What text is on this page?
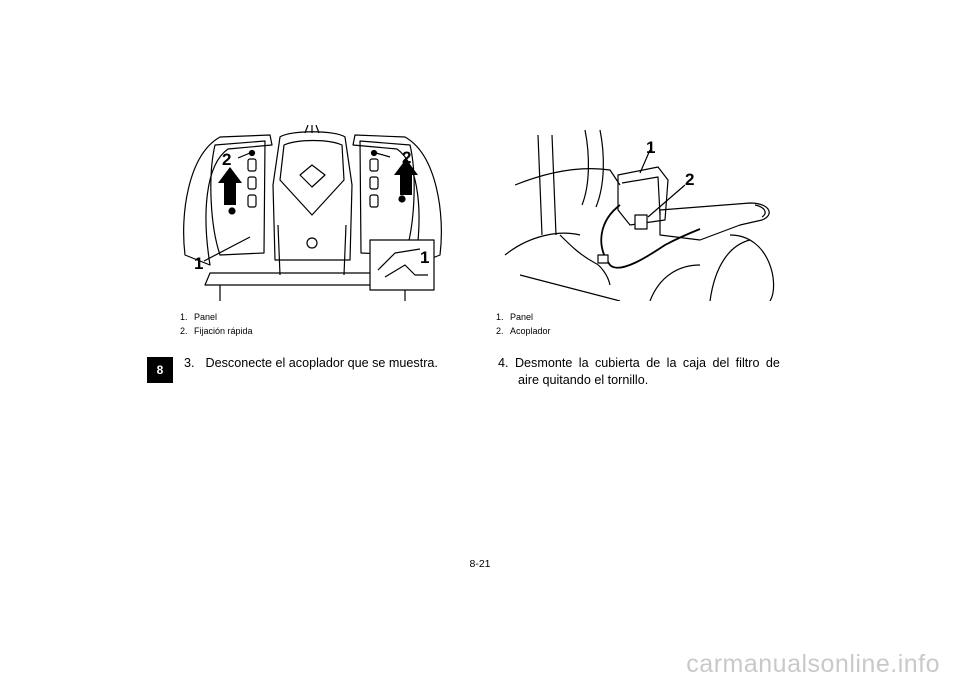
8
2	2
1	1
1
2
1. Panel
2. Fijación rápida
1. Panel
2. Acoplador
3. Desconecte el acoplador que se muestra.	4. Desmonte la cubierta de la caja del filtro de
aire quitando el tornillo.
8-21
carmanualsonline.info
